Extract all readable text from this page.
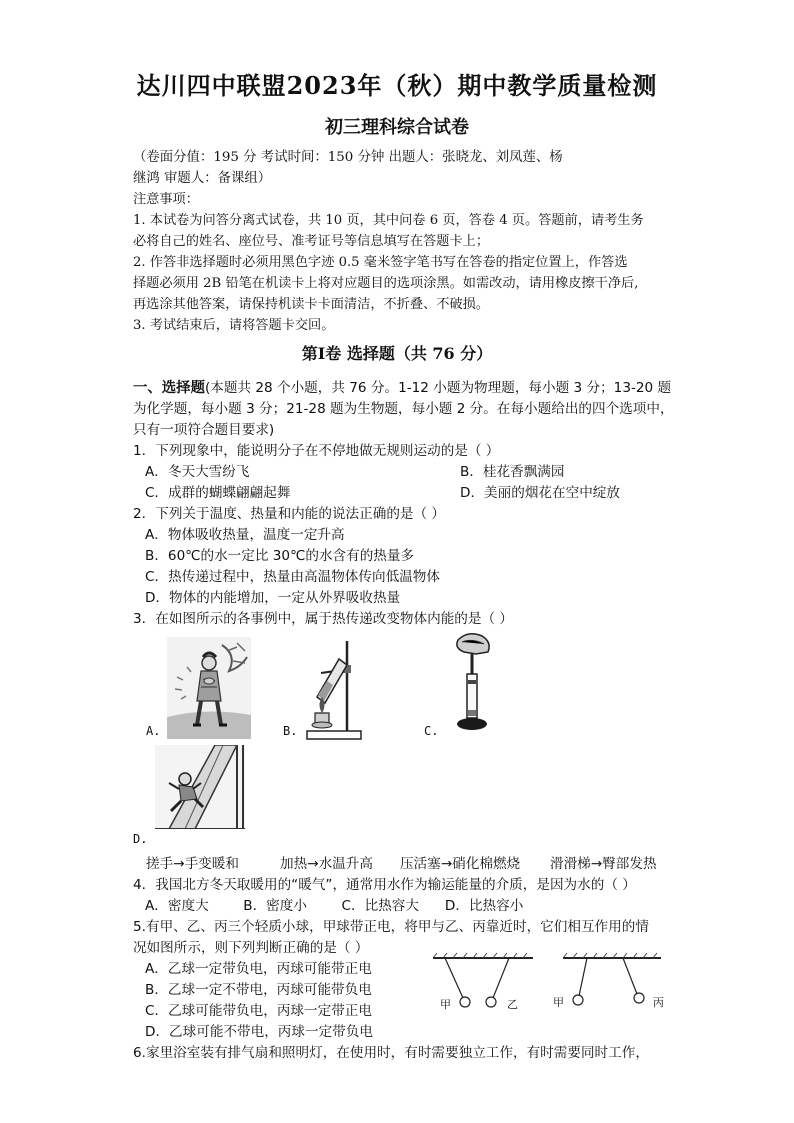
达川四中联盟2023年（秋）期中教学质量检测
初三理科综合试卷
（卷面分值：195 分 考试时间：150 分钟 出题人：张晓龙、刘凤莲、杨
继鸿 审题人：备课组）
注意事项：
1. 本试卷为问答分离式试卷，共 10 页，其中问卷 6 页，答卷 4 页。答题前，请考生务
必将自己的姓名、座位号、准考证号等信息填写在答题卡上；
2. 作答非选择题时必须用黑色字迹 0.5 毫米签字笔书写在答卷的指定位置上，作答选
择题必须用 2B 铅笔在机读卡上将对应题目的选项涂黑。如需改动，请用橡皮擦干净后,
再选涂其他答案，请保持机读卡卡面清洁，不折叠、不破损。
3. 考试结束后，请将答题卡交回。
第Ⅰ卷 选择题（共 76 分）
一、选择题(本题共 28 个小题，共 76 分。1-12 小题为物理题，每小题 3 分；13-20 题
为化学题，每小题 3 分；21-28 题为生物题，每小题 2 分。在每小题给出的四个选项中，
只有一项符合题目要求)
1．下列现象中，能说明分子在不停地做无规则运动的是（ ）
A．冬天大雪纷飞	B．桂花香飘满园
C．成群的蝴蝶翩翩起舞	D．美丽的烟花在空中绽放
2．下列关于温度、热量和内能的说法正确的是（ ）
A．物体吸收热量，温度一定升高
B．60℃的水一定比 30℃的水含有的热量多
C．热传递过程中，热量由高温物体传向低温物体
D．物体的内能增加，一定从外界吸收热量
3．在如图所示的各事例中，属于热传递改变物体内能的是（ ）
A.	B.	C.
D.
搓手→手变暖和	加热→水温升高 压活塞→硝化棉燃烧 滑滑梯→臀部发热
4．我国北方冬天取暖用的“暖气”，通常用水作为输运能量的介质，是因为水的（ ）
A．密度大        B．密度小        C．比热容大      D．比热容小
5.有甲、乙、丙三个轻质小球，甲球带正电，将甲与乙、丙靠近时，它们相互作用的情
况如图所示，则下列判断正确的是（ ）
A．乙球一定带负电，丙球可能带正电
B．乙球一定不带电，丙球可能带负电
C．乙球可能带负电，丙球一定带正电
D．乙球可能不带电，丙球一定带负电
甲	乙	甲	丙
6.家里浴室装有排气扇和照明灯，在使用时，有时需要独立工作，有时需要同时工作，
